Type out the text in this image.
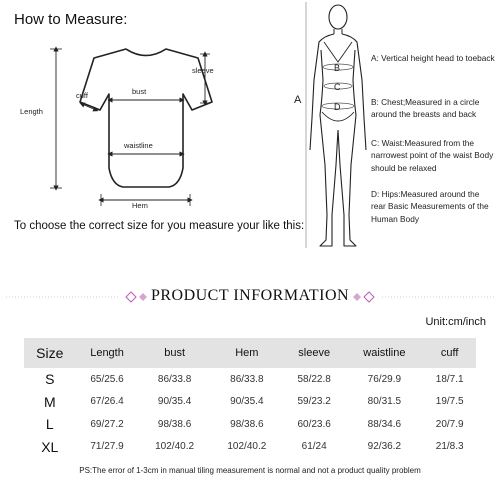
How to Measure:
sleeve
cuff	bust
Length
waistline
Hem
To choose the correct size for you measure your like this:
A
B
C
D
A: Vertical height head to toeback
B: Chest;Measured in a circle around the breasts and back
C: Waist:Measured from the narrowest point of the waist Body should be relaxed
D: Hips:Measured around the rear Basic Measurements of the Human Body
PRODUCT INFORMATION
Unit:cm/inch
Size	Length	bust	Hem	sleeve	waistline	cuff
S	65/25.6	86/33.8	86/33.8	58/22.8	76/29.9	18/7.1
M	67/26.4	90/35.4	90/35.4	59/23.2	80/31.5	19/7.5
L	69/27.2	98/38.6	98/38.6	60/23.6	88/34.6	20/7.9
XL	71/27.9	102/40.2	102/40.2	61/24	92/36.2	21/8.3
PS:The error of 1-3cm in manual tiling measurement is normal and not a product quality problem
